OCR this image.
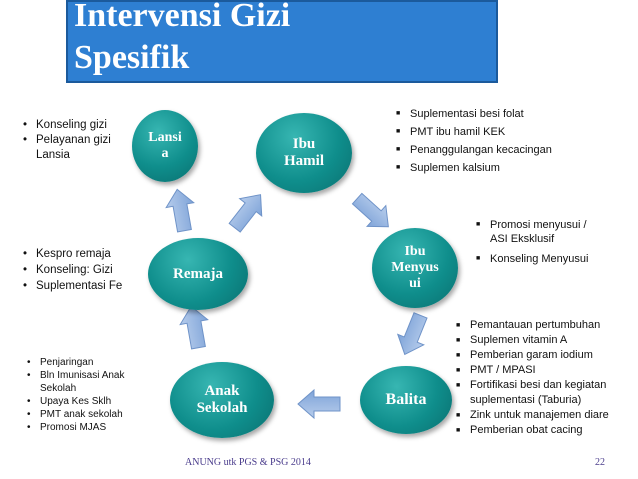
Intervensi Gizi
Spesifik
Lansi
a
Ibu
Hamil
Ibu
Menyus
ui
Remaja
Anak
Sekolah	Balita
• Konseling gizi
• Pelayanan gizi Lansia
■ Suplementasi besi folat
■ PMT ibu hamil KEK
■ Penanggulangan kecacingan
■ Suplemen kalsium
■ Promosi menyusui / ASI Eksklusif
■ Konseling Menyusui
• Kespro remaja
• Konseling: Gizi
• Suplementasi Fe
■ Pemantauan pertumbuhan
■ Suplemen vitamin A
■ Pemberian garam iodium
■ PMT / MPASI
■ Fortifikasi besi dan kegiatan suplementasi (Taburia)
■ Zink untuk manajemen diare
■ Pemberian obat cacing
• Penjaringan
• Bln Imunisasi Anak Sekolah
• Upaya Kes Sklh
• PMT anak sekolah
• Promosi MJAS
ANUNG utk PGS & PSG 2014	22
